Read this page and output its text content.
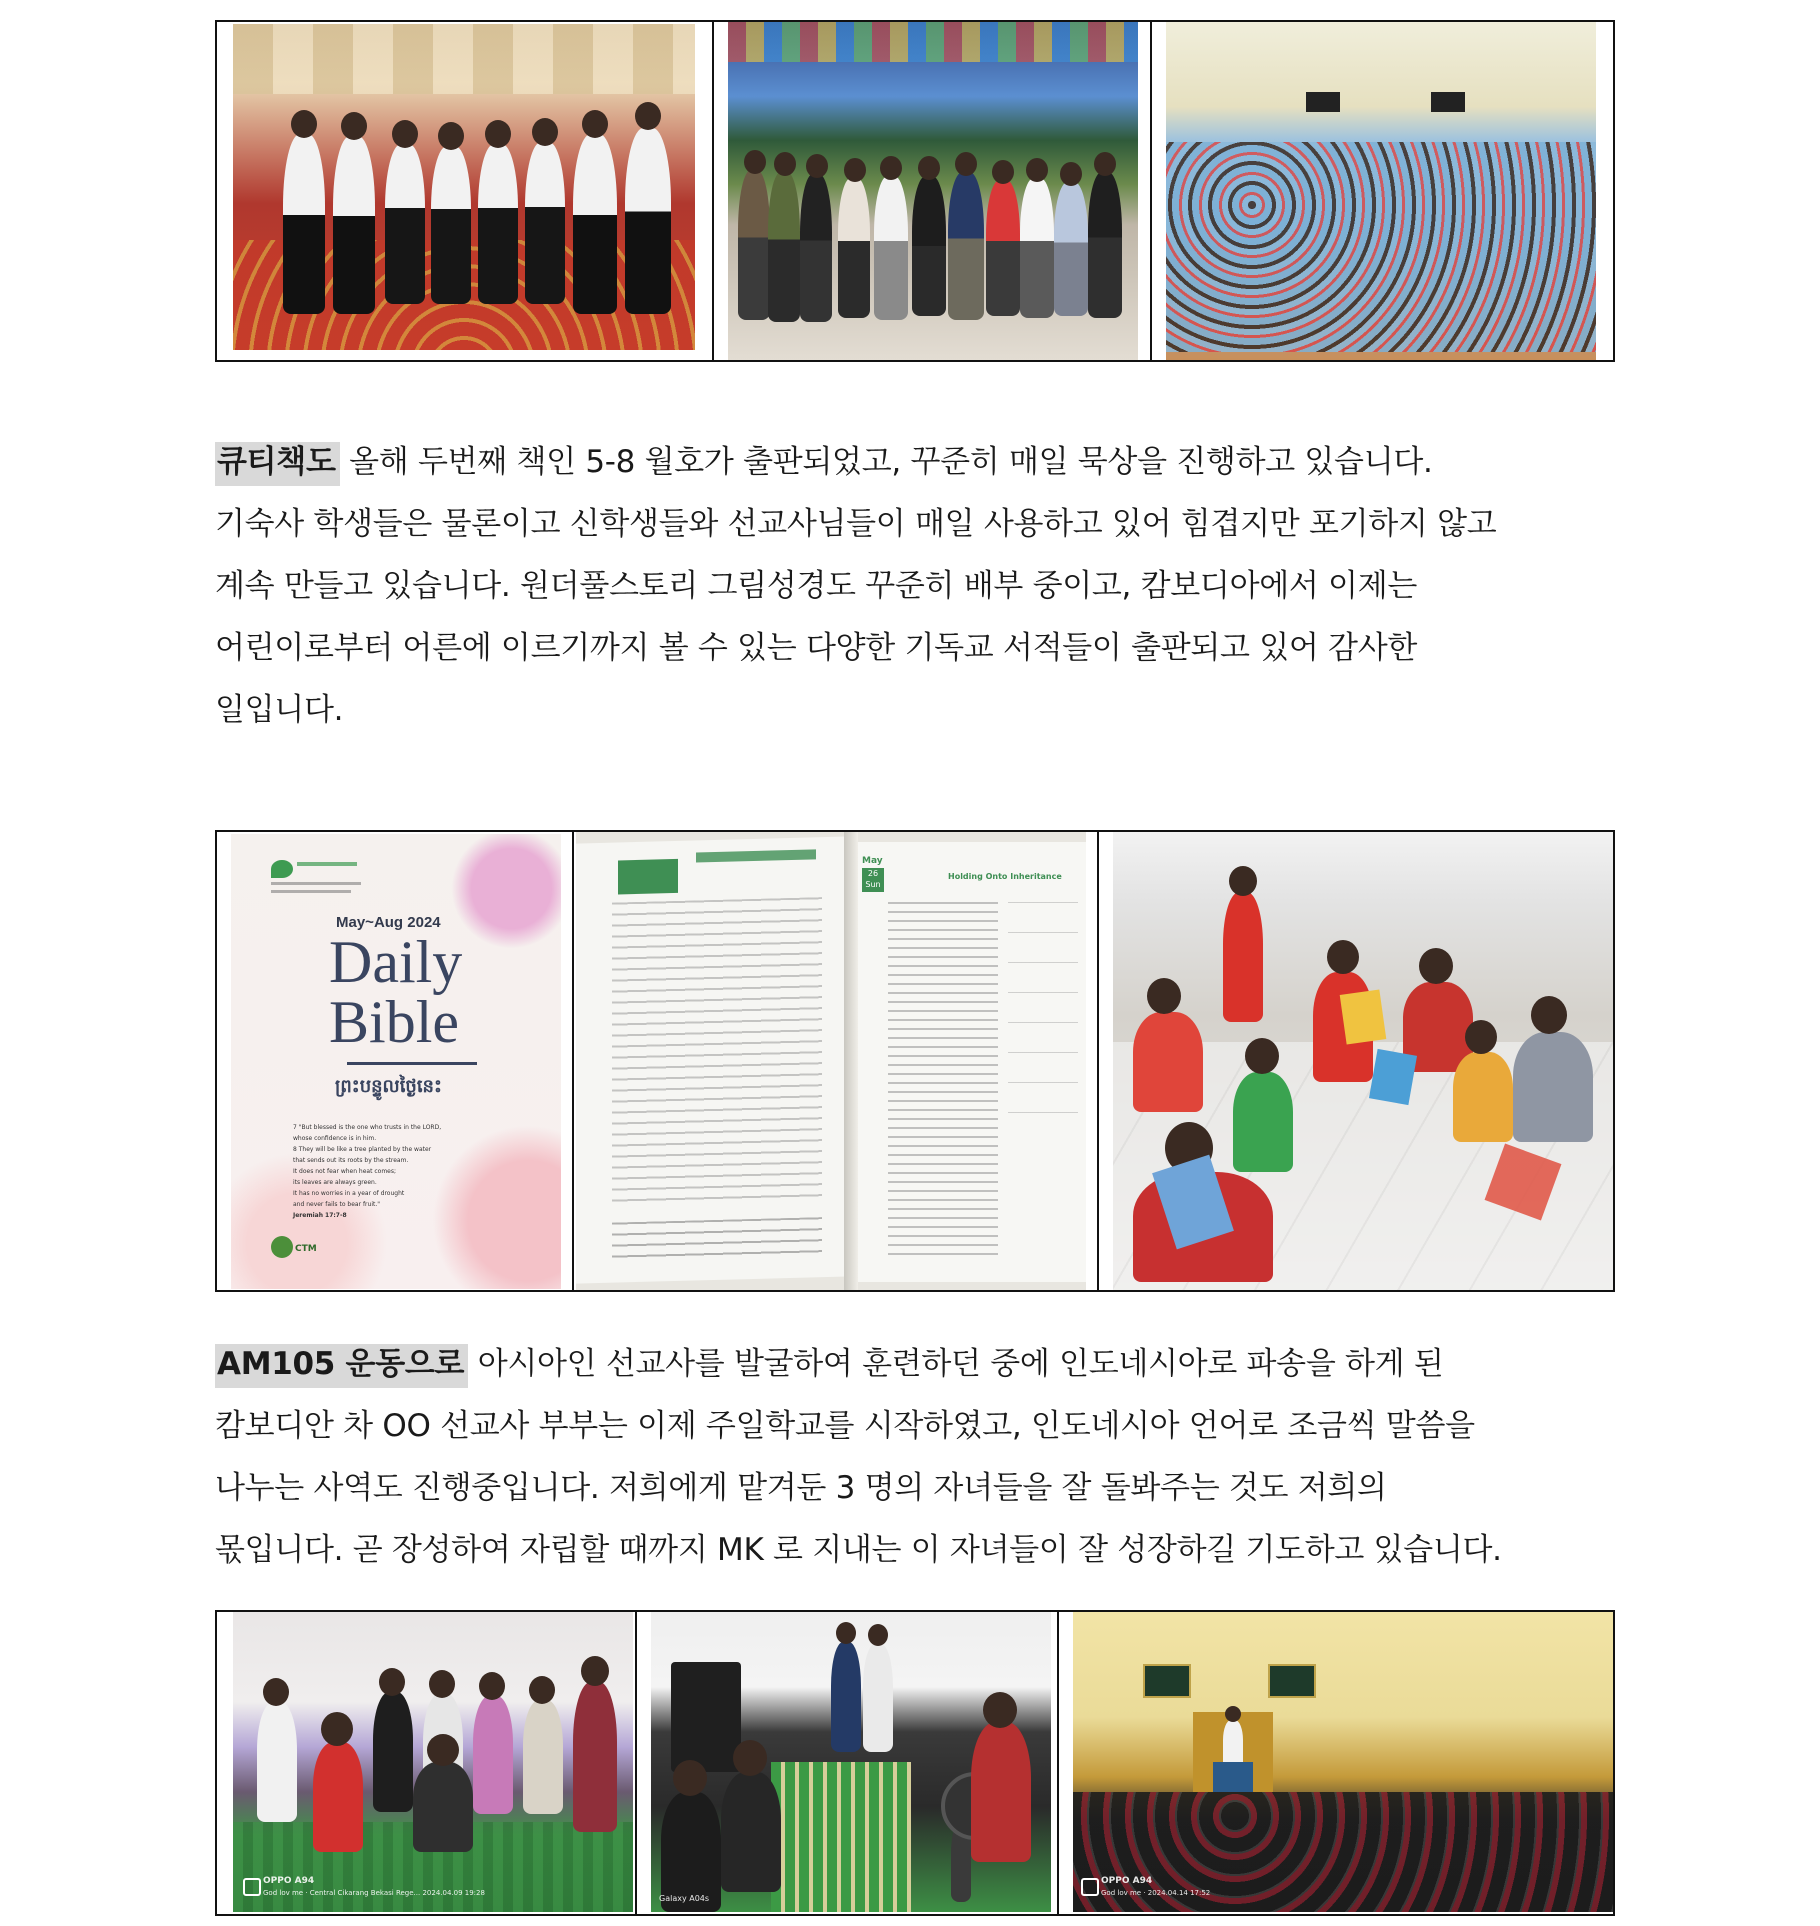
큐티책도 올해 두번째 책인 5-8 월호가 출판되었고, 꾸준히 매일 묵상을 진행하고 있습니다.
기숙사 학생들은 물론이고 신학생들와 선교사님들이 매일 사용하고 있어 힘겹지만 포기하지 않고
계속 만들고 있습니다. 원더풀스토리 그림성경도 꾸준히 배부 중이고, 캄보디아에서 이제는
어린이로부터 어른에 이르기까지 볼 수 있는 다양한 기독교 서적들이 출판되고 있어 감사한
일입니다.
May~Aug 2024
Daily
Bible
ព្រះបន្ទូលថ្ងៃនេះ
7 "But blessed is the one who trusts in the LORD,
whose confidence is in him.
8 They will be like a tree planted by the water
that sends out its roots by the stream.
It does not fear when heat comes;
its leaves are always green.
It has no worries in a year of drought
and never fails to bear fruit."
Jeremiah 17:7-8
CTM
May
26
Sun
Holding Onto Inheritance
AM105 운동으로 아시아인 선교사를 발굴하여 훈련하던 중에 인도네시아로 파송을 하게 된
캄보디안 차 OO 선교사 부부는 이제 주일학교를 시작하였고, 인도네시아 언어로 조금씩 말씀을
나누는 사역도 진행중입니다. 저희에게 맡겨둔 3 명의 자녀들을 잘 돌봐주는 것도 저희의
몫입니다. 곧 장성하여 자립할 때까지 MK 로 지내는 이 자녀들이 잘 성장하길 기도하고 있습니다.
OPPO A94
God lov me · Central Cikarang Bekasi Rege... 2024.04.09 19:28
Galaxy A04s
OPPO A94
God lov me · 2024.04.14 17:52
